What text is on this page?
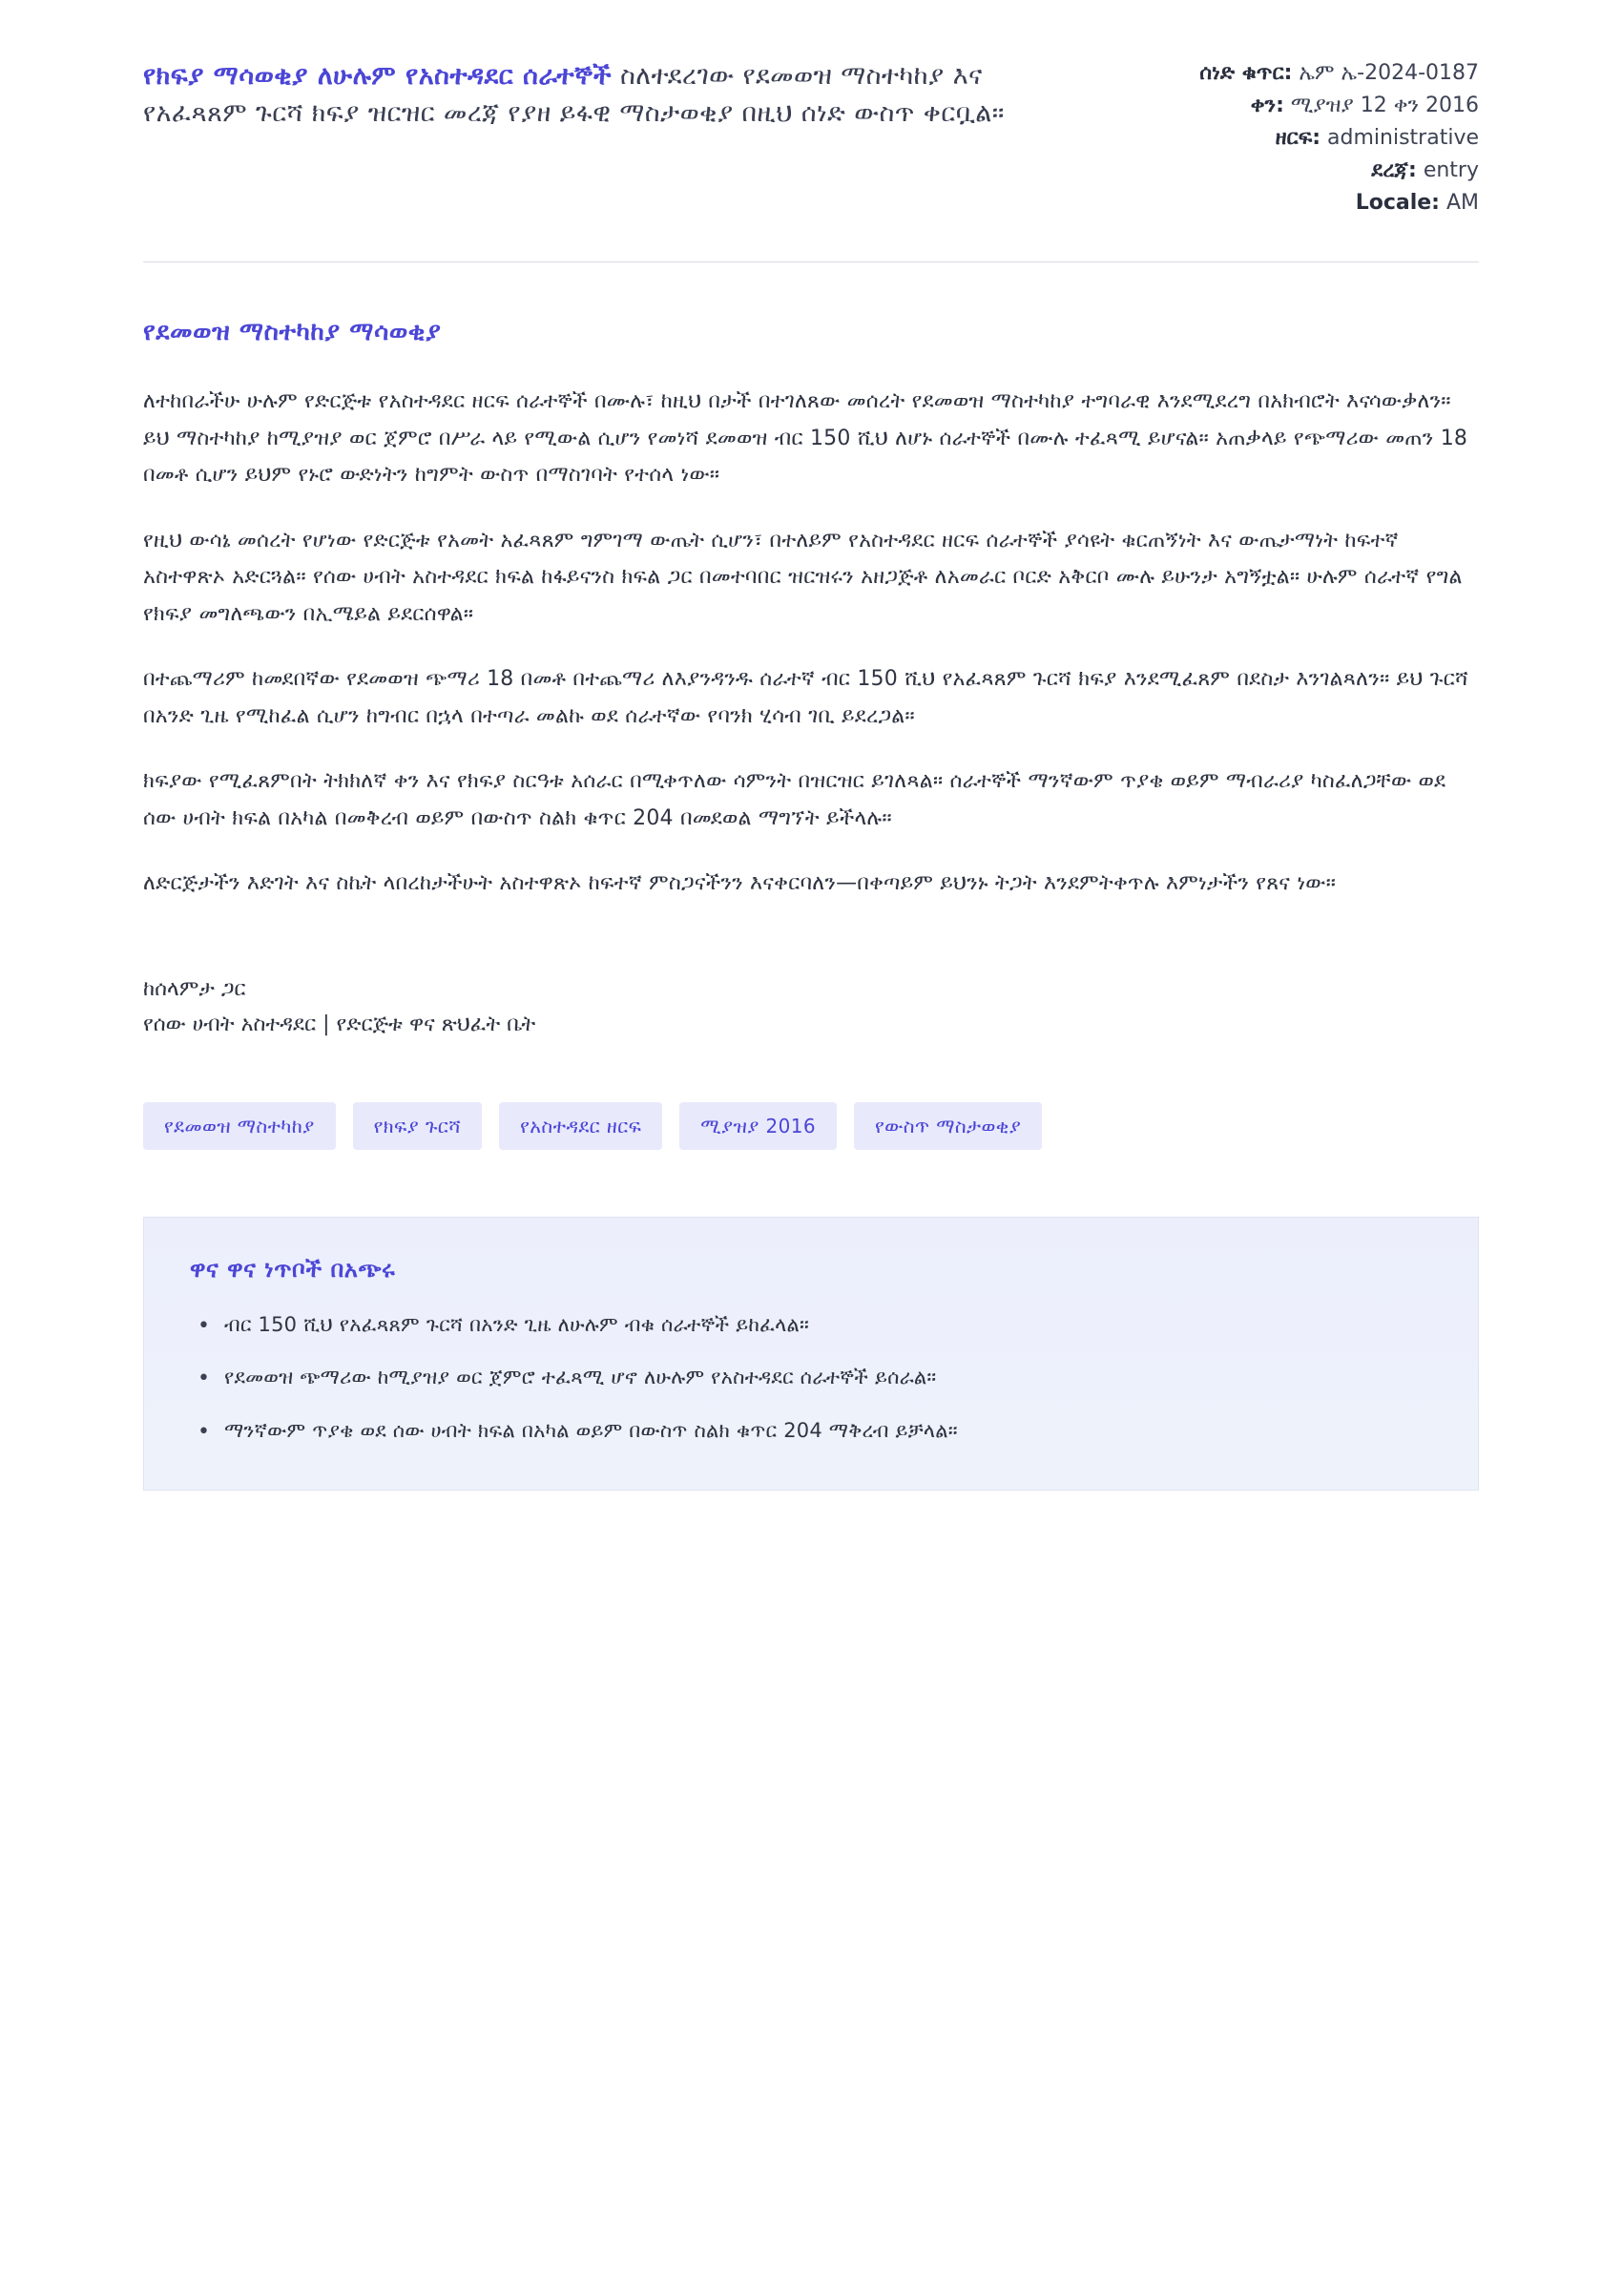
የክፍያ ማሳወቂያ ለሁሉም የአስተዳደር ሰራተኞች ስለተደረገው የደመወዝ ማስተካከያ እና የአፈጻጸም ጉርሻ ክፍያ ዝርዝር መረጃ የያዘ ይፋዊ ማስታወቂያ በዚህ ሰነድ ውስጥ ቀርቧል።
ሰነድ ቁጥር: ኤም ኤ-2024-0187
ቀን: ሚያዝያ 12 ቀን 2016
ዘርፍ: administrative
ደረጃ: entry
Locale: AM
የደመወዝ ማስተካከያ ማሳወቂያ

ለተከበራችሁ ሁሉም የድርጅቱ የአስተዳደር ዘርፍ ሰራተኞች በሙሉ፣ ከዚህ በታች በተገለጸው መሰረት የደመወዝ ማስተካከያ ተግባራዊ እንደሚደረግ በአክብሮት እናሳውቃለን። ይህ ማስተካከያ ከሚያዝያ ወር ጀምሮ በሥራ ላይ የሚውል ሲሆን የመነሻ ደመወዝ ብር 150 ሺህ ለሆኑ ሰራተኞች በሙሉ ተፈጻሚ ይሆናል። አጠቃላይ የጭማሪው መጠን 18 በመቶ ሲሆን ይህም የኑሮ ውድነትን ከግምት ውስጥ በማስገባት የተሰላ ነው።

የዚህ ውሳኔ መሰረት የሆነው የድርጅቱ የአመት አፈጻጸም ግምገማ ውጤት ሲሆን፣ በተለይም የአስተዳደር ዘርፍ ሰራተኞች ያሳዩት ቁርጠኝነት እና ውጤታማነት ከፍተኛ አስተዋጽኦ አድርጓል። የሰው ሀብት አስተዳደር ክፍል ከፋይናንስ ክፍል ጋር በመተባበር ዝርዝሩን አዘጋጅቶ ለአመራር ቦርድ አቅርቦ ሙሉ ይሁንታ አግኝቷል። ሁሉም ሰራተኛ የግል የክፍያ መግለጫውን በኢሜይል ይደርሰዋል።

በተጨማሪም ከመደበኛው የደመወዝ ጭማሪ 18 በመቶ በተጨማሪ ለእያንዳንዱ ሰራተኛ ብር 150 ሺህ የአፈጻጸም ጉርሻ ክፍያ እንደሚፈጸም በደስታ እንገልጻለን። ይህ ጉርሻ በአንድ ጊዜ የሚከፈል ሲሆን ከግብር በኋላ በተጣራ መልኩ ወደ ሰራተኛው የባንክ ሂሳብ ገቢ ይደረጋል።

ክፍያው የሚፈጸምበት ትክክለኛ ቀን እና የክፍያ ስርዓቱ አሰራር በሚቀጥለው ሳምንት በዝርዝር ይገለጻል። ሰራተኞች ማንኛውም ጥያቄ ወይም ማብራሪያ ካስፈለጋቸው ወደ ሰው ሀብት ክፍል በአካል በመቅረብ ወይም በውስጥ ስልክ ቁጥር 204 በመደወል ማግኘት ይችላሉ።

ለድርጅታችን እድገት እና ስኬት ላበረከታችሁት አስተዋጽኦ ከፍተኛ ምስጋናችንን እናቀርባለን—በቀጣይም ይህንኑ ትጋት እንደምትቀጥሉ እምነታችን የጸና ነው።

ከሰላምታ ጋር
የሰው ሀብት አስተዳደር | የድርጅቱ ዋና ጽህፈት ቤት
የደመወዝ ማስተካከያ	የክፍያ ጉርሻ	የአስተዳደር ዘርፍ	ሚያዝያ 2016	የውስጥ ማስታወቂያ
ዋና ዋና ነጥቦች በአጭሩ
• ብር 150 ሺህ የአፈጻጸም ጉርሻ በአንድ ጊዜ ለሁሉም ብቁ ሰራተኞች ይከፈላል።
• የደመወዝ ጭማሪው ከሚያዝያ ወር ጀምሮ ተፈጻሚ ሆኖ ለሁሉም የአስተዳደር ሰራተኞች ይሰራል።
• ማንኛውም ጥያቄ ወደ ሰው ሀብት ክፍል በአካል ወይም በውስጥ ስልክ ቁጥር 204 ማቅረብ ይቻላል።
